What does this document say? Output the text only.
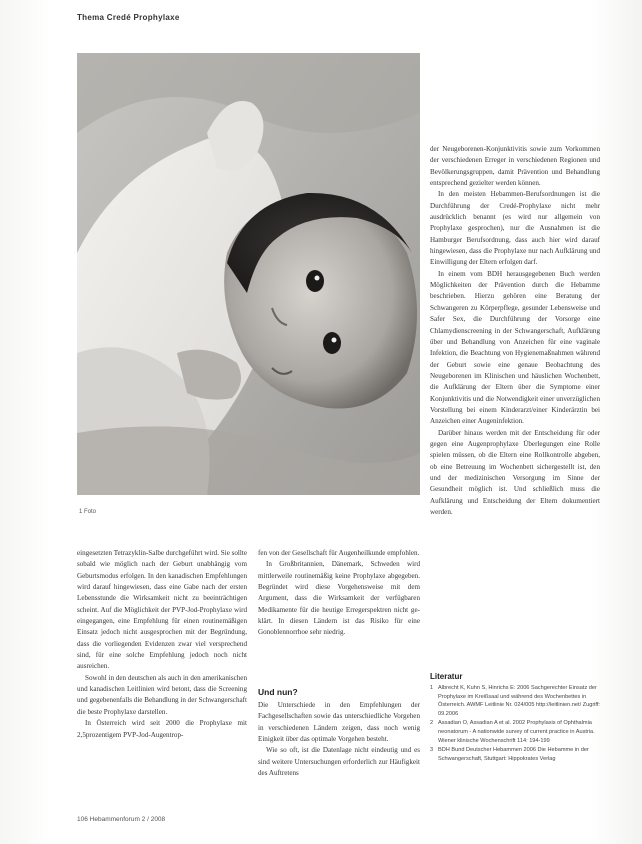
Thema Credé Prophylaxe
1 Foto

eingesetzten Tetrazyklin-Salbe durchgeführt wird. Sie sollte sobald wie möglich nach der Geburt unabhängig vom Geburtsmodus erfolgen. In den kanadischen Empfehlungen wird darauf hingewiesen, dass eine Gabe nach der ersten Lebensstunde die Wirksamkeit nicht zu beeinträchtigen scheint. Auf die Möglichkeit der PVP-Jod-Prophylaxe wird eingegangen, eine Empfehlung für einen routinemäßigen Einsatz jedoch nicht ausgesprochen mit der Begründung, dass die vorliegenden Evidenzen zwar viel versprechend sind, für eine solche Empfehlung jedoch noch nicht ausreichen.

Sowohl in den deutschen als auch in den amerikanischen und kanadischen Leitlinien wird betont, dass die Screening und gegebenenfalls die Behandlung in der Schwangerschaft die beste Prophylaxe darstellen.

In Österreich wird seit 2000 die Prophylaxe mit 2,5prozentigem PVP-Jod-Augentrop-

fen von der Gesellschaft für Augenheilkunde empfohlen.

In Großbritannien, Dänemark, Schweden wird mittlerweile routinemäßig keine Prophylaxe abgegeben. Begründet wird diese Vorgehensweise mit dem Argument, dass die Wirksamkeit der verfügbaren Medikamente für die heutige Erregerspektren nicht geklärt. In diesen Ländern ist das Risiko für eine Gonoblennorrhoe sehr niedrig.

Und nun?

Die Unterschiede in den Empfehlungen der Fachgesellschaften sowie das unterschiedliche Vorgehen in verschiedenen Ländern zeigen, dass noch wenig Einigkeit über das optimale Vorgehen besteht.

Wie so oft, ist die Datenlage nicht eindeutig und es sind weitere Untersuchungen erforderlich zur Häufigkeit des Auftretens

der Neugeborenen-Konjunktivitis sowie zum Vorkommen der verschiedenen Erreger in verschiedenen Regionen und Bevölkerungsgruppen, damit Prävention und Behandlung entsprechend gezielter werden können.

In den meisten Hebammen-Berufsordnungen ist die Durchführung der Credé-Prophylaxe nicht mehr ausdrücklich benannt (es wird nur allgemein von Prophylaxe gesprochen), nur die Ausnahmen ist die Hamburger Berufsordnung, dass auch hier wird darauf hingewiesen, dass die Prophylaxe nur nach Aufklärung und Einwilligung der Eltern erfolgen darf.

In einem vom BDH herausgegebenen Buch werden Möglichkeiten der Prävention durch die Hebamme beschrieben. Hierzu gehören eine Beratung der Schwangeren zu Körperpflege, gesunder Lebensweise und Safer Sex, die Durchführung der Vorsorge eine Chlamydienscreening in der Schwangerschaft, Aufklärung über und Behandlung von Anzeichen für eine vaginale Infektion, die Beachtung von Hygienemaßnahmen während der Geburt sowie eine genaue Beobachtung des Neugeborenen im Klinischen und häuslichen Wochenbett, die Aufklärung der Eltern über die Symptome einer Konjunktivitis und die Notwendigkeit einer unverzüglichen Vorstellung bei einem Kinderarzt/einer Kinderärztin bei Anzeichen einer Augeninfektion.

Darüber hinaus werden mit der Entscheidung für oder gegen eine Augenprophylaxe Überlegungen eine Rolle spielen müssen, ob die Eltern eine Rollkontrolle abgeben, ob eine Betreuung im Wochenbett sichergestellt ist, den und der medizinischen Versorgung im Sinne der Gesundheit möglich ist. Und schließlich muss die Aufklärung und Entscheidung der Eltern dokumentiert werden.

Literatur
1 Albrecht K, Kuhn S, Hinrichs E: 2006 Sachgerechter Einsatz der Prophylaxe im Kreißsaal und während des Wochenbettes in Österreich. AWMF Leitlinie Nr. 024/005 http://leitlinien.net/ Zugriff: 09.2006
2 Assadian O, Assadian A et al. 2002 Prophylaxis of Ophthalmia neonatorum - A nationwide survey of current practice in Austria. Wiener klinische Wochenschrift 114: 194-199
3 BDH Bund Deutscher Hebammen 2006 Die Hebamme in der Schwangerschaft, Stuttgart: Hippokrates Verlag
106 Hebammenforum 2 / 2008
